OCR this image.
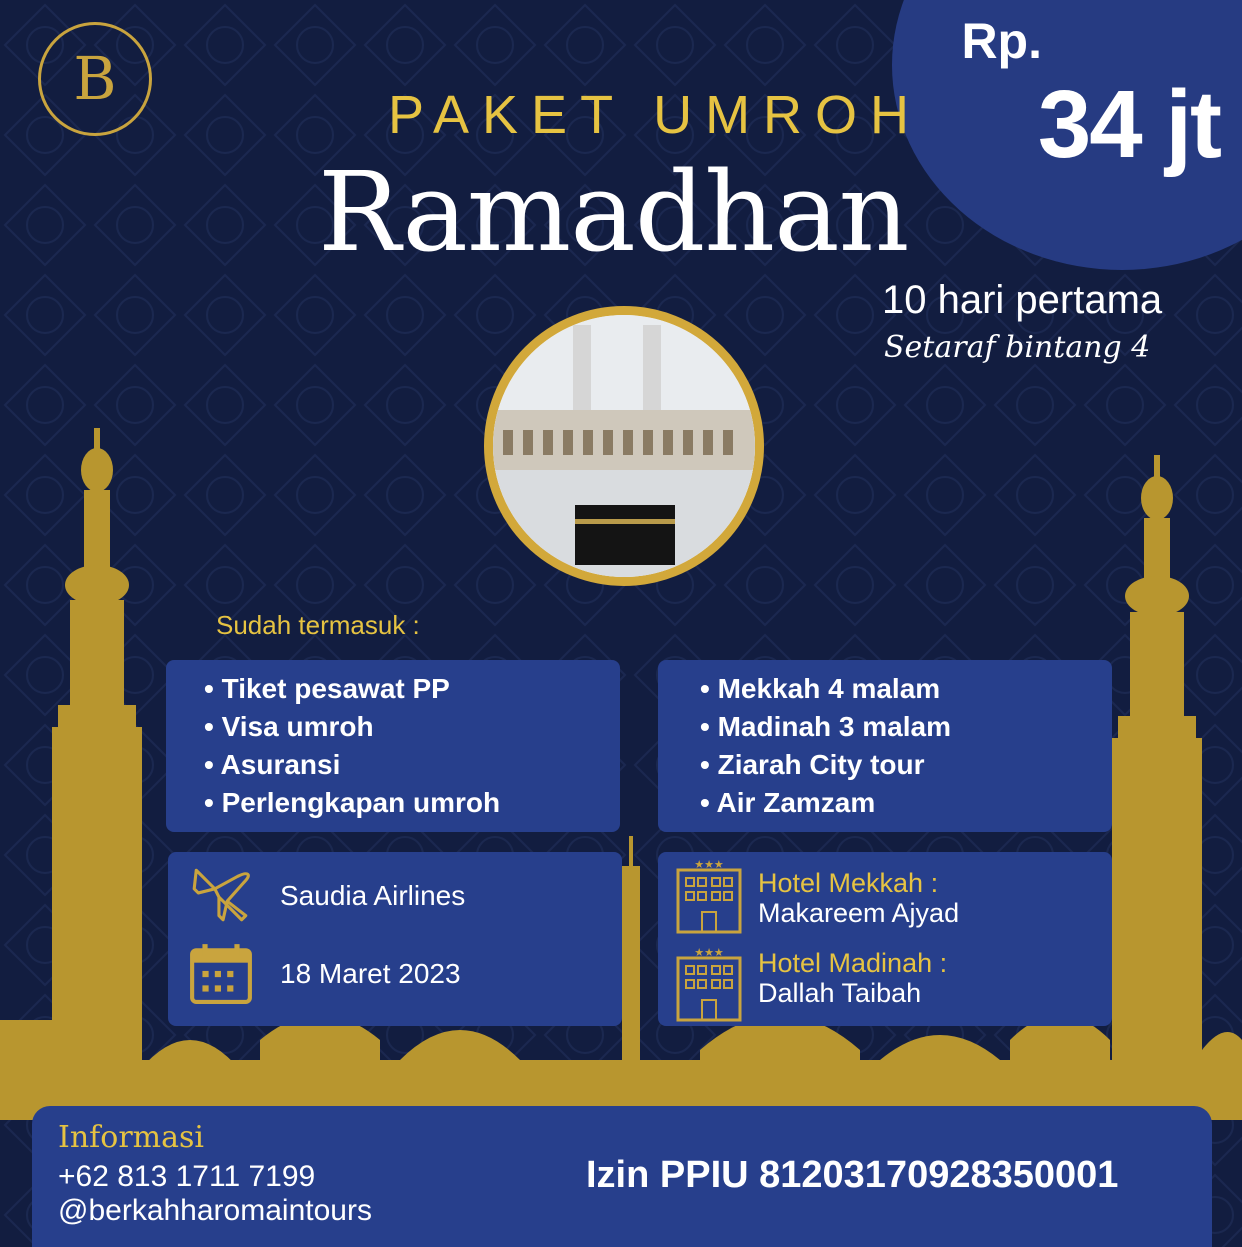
Rp.
34 jt
B
PAKET UMROH
Ramadhan
10 hari pertama
Setaraf bintang 4
Sudah termasuk :
• Tiket pesawat PP
• Visa umroh
• Asuransi
• Perlengkapan umroh
• Mekkah 4 malam
• Madinah 3 malam
• Ziarah City tour
• Air Zamzam
Saudia Airlines
18 Maret 2023
★★★
Hotel Mekkah :
Makareem Ajyad
★★★ Hotel Madinah :
Dallah Taibah
Informasi
+62 813 1711 7199
@berkahharomaintours
Izin PPIU 81203170928350001
